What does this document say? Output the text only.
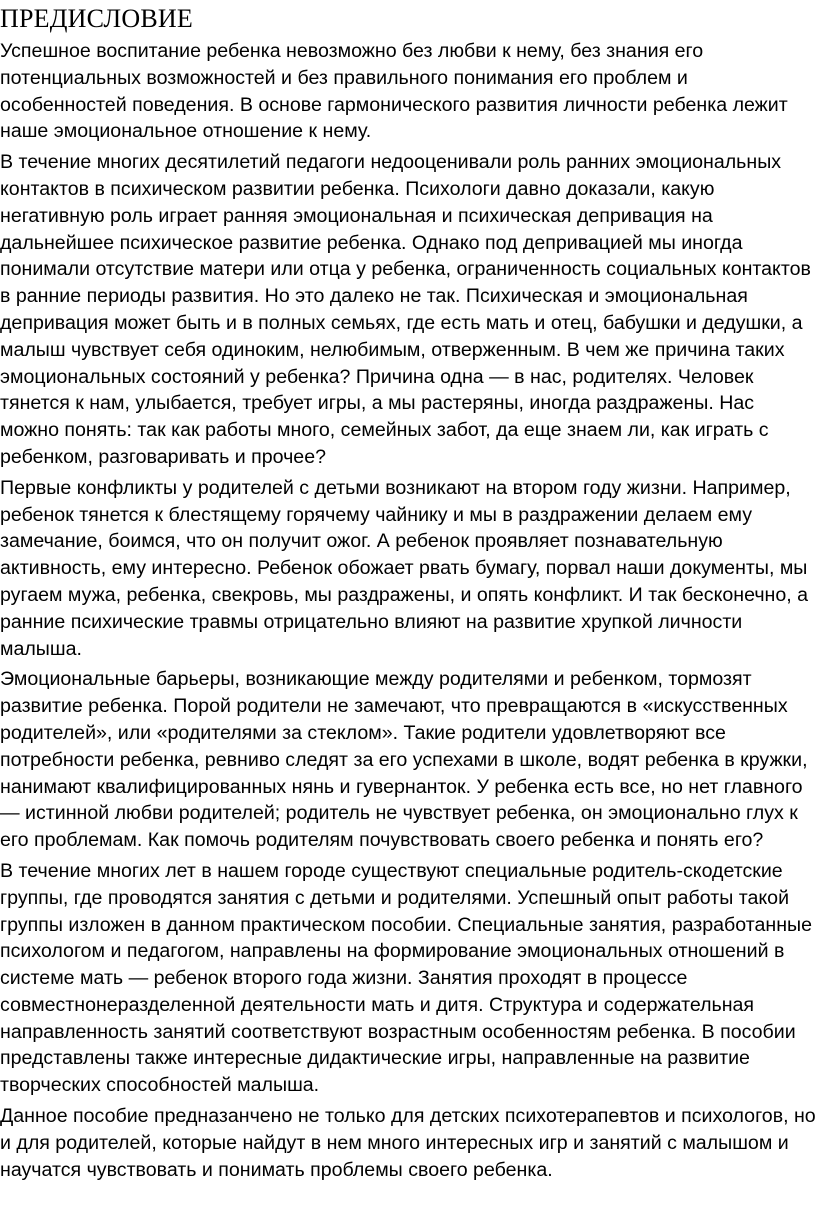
ПРЕДИСЛОВИЕ

Успешное воспитание ребенка невозможно без любви к нему, без знания его потенциальных возможностей и без правильного понимания его проблем и особенностей поведения. В основе гармонического развития личности ребенка лежит наше эмоциональное отношение к нему.

В течение многих десятилетий педагоги недооценивали роль ранних эмоциональных контактов в психическом развитии ребенка. Психологи давно доказали, какую негативную роль играет ранняя эмоциональная и психическая депривация на дальнейшее психическое развитие ребенка. Однако под депривацией мы иногда понимали отсутствие матери или отца у ребенка, ограниченность социальных контактов в ранние периоды развития. Но это далеко не так. Психическая и эмоциональная депривация может быть и в полных семьях, где есть мать и отец, бабушки и дедушки, а малыш чувствует себя одиноким, нелюбимым, отверженным. В чем же причина таких эмоциональных состояний у ребенка? Причина одна — в нас, родителях. Человек тянется к нам, улыбается, требует игры, а мы растеряны, иногда раздражены. Нас можно понять: так как работы много, семейных забот, да еще знаем ли, как играть с ребенком, разговаривать и прочее?

Первые конфликты у родителей с детьми возникают на втором году жизни. Например, ребенок тянется к блестящему горячему чайнику и мы в раздражении делаем ему замечание, боимся, что он получит ожог. А ребенок проявляет познавательную активность, ему интересно. Ребенок обожает рвать бумагу, порвал наши документы, мы ругаем мужа, ребенка, свекровь, мы раздражены, и опять конфликт. И так бесконечно, а ранние психические травмы отрицательно влияют на развитие хрупкой личности малыша.

Эмоциональные барьеры, возникающие между родителями и ребенком, тормозят развитие ребенка. Порой родители не замечают, что превращаются в «искусственных родителей», или «родителями за стеклом». Такие родители удовлетворяют все потребности ребенка, ревниво следят за его успехами в школе, водят ребенка в кружки, нанимают квалифицированных нянь и гувернанток. У ребенка есть все, но нет главного — истинной любви родителей; родитель не чувствует ребенка, он эмоционально глух к его проблемам. Как помочь родителям почувствовать своего ребенка и понять его?

В течение многих лет в нашем городе существуют специальные родитель-скодетские группы, где проводятся занятия с детьми и родителями. Успешный опыт работы такой группы изложен в данном практическом пособии. Специальные занятия, разработанные психологом и педагогом, направлены на формирование эмоциональных отношений в системе мать — ребенок второго года жизни. Занятия проходят в процессе совместнонеразделенной деятельности мать и дитя. Структура и содержательная направленность занятий соответствуют возрастным особенностям ребенка. В пособии представлены также интересные дидактические игры, направленные на развитие творческих способностей малыша.

Данное пособие предназанчено не только для детских психотерапевтов и психологов, но и для родителей, которые найдут в нем много интересных игр и занятий с малышом и научатся чувствовать и понимать проблемы своего ребенка.
